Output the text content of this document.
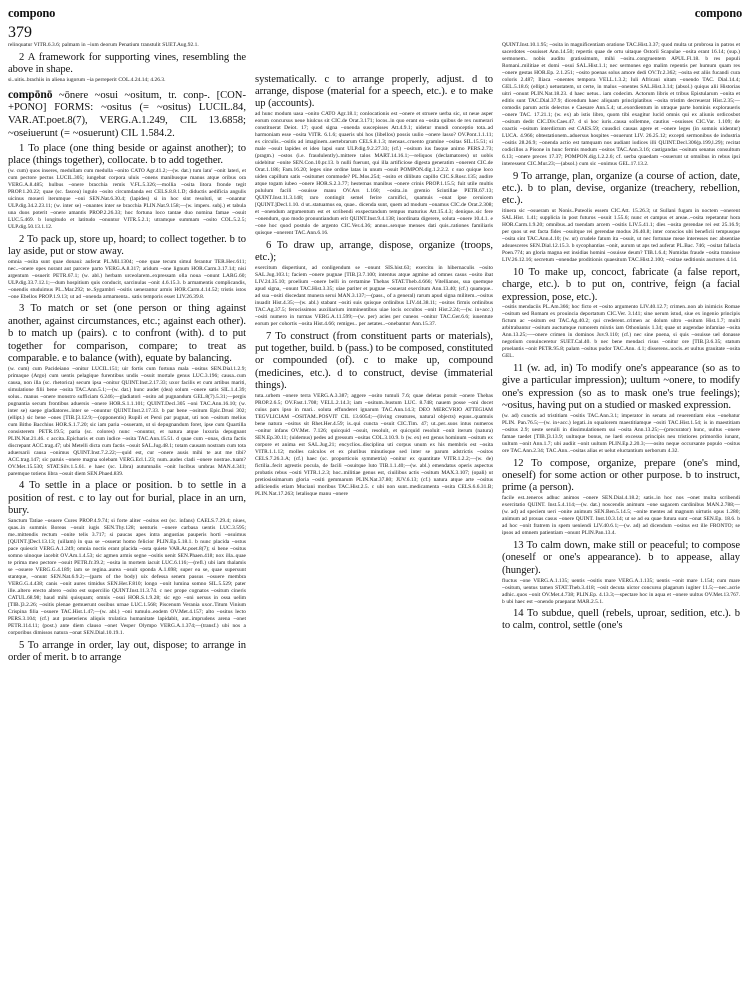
compono	compono
379
relinquatur VITR.6.3.6; palmam in ~ium deorum Penatium transtulit SUET.Aug.92.1.
2 A framework for supporting vines, resembling the above in shape.
si..uitis..brachiis in aliena iugorum ~ia perreperit COL.4.24.14; 4.26.3.
compōnō ~ōnere ~osui ~ositum, tr. conp-. [CON-+PONO] FORMS: ~ositus (= ~ositus) LUCIL.84, VAR.AT.poet.8(7), VERG.A.1.249, CIL 13.6858; ~oseiuerunt (= ~osuerunt) CIL 1.584.2.
1 To place (one thing beside or against another); to place (things together), collocate. b to add together.
(w. cum) quos inseres, medullam cum medulla ~onito CATO Agr.41.2;—(w. dat.) tum latu' ~onit lateri, et cum pectore pectus LUCIL.305; iungebat corpora uluis ~onens manibusque manus atque oribus ora VERG.A.8.485; hulbus ~onere bracchia remis V.FL.5.326;—mollia ~osita litora fronde tegit PROP.1.20.22; quae (sc. fascea) iugulo ~osito circumdanda est CELS.8.8.1.D; diductis aedificia angulis uicinus moueri iterumque ~oni SEN.Nat.6.30.4; (lapides) si in hoc sint resoluti, ut ~onantur ULP.dig.34.2.23.11; (w. inter se) ~onantes inter se bracchia PLIN.Nat.9.158;—(w. impers. subj.) et tabula una duos poterit ~onere amantis PROP.2.26.33; hoc fortuna loco tantae duo nomina famae ~osuit LUC.5.469. b longitudo et latitudo ~onuntur VITR.5.2.1; utramque summam ~osito COL.5.2.5; ULP.dig.50.13.1.12.
2 To pack up, store up, hoard; to collect together. b to lay aside, put or stow away.
omnia ~osita sunt quae donaui: auferat PL.Mil.1304; ~one quae tecum simul ferantur TER.Hec.611; nec..~onere opes norant aut parcere parto VERG.A.8.317; aridum ~one lignum HOR.Carm.3.17.14; nisi argentum ~osuerit PETR.67.1; (w. abl.) herbam urceolarem..expressam olla noua ~onunt LARG.60; ULP.dig.33.7.12.1;—dum hospitium quis conducit, sarcinulas ~onit 4.6.15.3. b armamentis complicandis, ~onendis studuimus PL..Mar.292; te..Sygambri ~ositis uenerantur armis HOR.Carm.4.14.52; tristis istos ~one Ebellos PROP.1.9.13; ut ad ~onenda armamenta.. satis temporis esset LIV.26.39.8.
3 To match or set (one person or thing against another, against circumstances, etc.; against each other). b to match up (pairs). c to confront (with). d to put together for comparison, compare; to treat as comparable. e to balance (with), equate by balancing.
(w. cum) cum Pacideiano ~onitur LUCIL.151; uir fortis cum fortuna mala ~ositus SEN.Dial.1.2.9; primaque (Argo) cum uentis pelagique furentibus undis ~osuit mortale genus LUC.3.196; causa..cum causa, non illa (sc. rhetorica) secum ipsa ~onitur QUINT.Inst.2.17.33; uxor facilis et cum artibus mariti, simulatione filii bene ~osita TAC.Ann.5.1;—(w. dat.) hunc audet (dea) solum ~onere satis SIL.1.4.39; solus.. manus ~onere monstro sufficiam 6.246;—gladiatori ~osito ad pugnandum GEL.8(7).5.31;—pergis pugnantia secum frontibus aduersis ~onere HOR.S.1.1.101; QUINT.Decl.305 ~oni TAC.Ann.16.10; (w. inter se) saepe gladiatores..inter se ~onuntur QUINT.Inst.2.17.33. b par bene ~ositum Epic.Drusi 302; (ellipt.) sic bene ~ones [TIB.]3.12.9;—(opponentis) Rupili et Persi par pugnat, uti non ~ositum melius cum Bitho Bacchius HOR.S.1.7.20; sic iam paria ~osueram, ut si depugnandum foret, ipse cum Quartilla consisterem PETR.19.5; paria (sc. colores) nunc ~onuntur, et natura atque luxuria depugnant PLIN.Nat.21.46. c accita..Epicharis et cum indice ~osita TAC.Ann.15.51. d quae cum ~onas, dicta factis discrepant ACC.trag.47; ubi Metelli dicta cum factis ~osuit SAL.Jug.48.1; totam causam nostram cum tota aduersarii causa ~onimus QUINT.Inst.7.2.22;—quid est, cur ~onere ausis mihi te aut me tibi? ACC.trag.147; sic paruis ~onere magna solebam VERG.Ecl.1.23; num..audes cladi ~onere nostrae..tuam? OV.Met.15.530; STAT.Silv.1.5.61. e haec (sc. Libra) autumnalis ~onit lucibus umbras MAN.4.341; paremque totiens libra ~osuit diem SEN.Phaed.839.
4 To settle in a place or position. b to settle in a position of rest. c to lay out for burial, place in an urn, bury.
Sanctum Tatiae ~osuere Cures PROP.4.9.74; si forte aliter ~ositus est (sc. infans) CAELS.7.29.4; niues, quas..in summis Boreas ~osuit iugis SEN.Thy.128; uenturis ~onere carbasa uentis LUC.3.595; me..mittendis rectum ~onite telis 3.717; si paucas apes intra angustias pauperis horti ~osuimus [QUINT.]Decl.13.13; (uillam) in qua se ~osuerat homo felicior PLIN.Ep.5.18.1. b nunc placida ~ostus pace quiescit VERG.A.1.249; omnia noctis erant placida ~osta quiete VAR.At.poet.8(7); si bene ~ositus somno uinoque iacebit OV.Am.1.4.53; sic agmen armis segne ~ositis uenit SEN.Phaen.418; nox illa..quae te prima meo pectore ~osuit PETR.fr.39.2; ~osita in mortem iacuit LUC.6.116;—(refl.) ubi iam thalamis se ~osuere VERG.G.4.189; iam se regina..aurea ~osuit sponda A.1.698; super ea se, quae supersunt stantque, ~onunt SEN.Nat.6.9.2;—(parts of the body) uix defessa senem passus ~osuere membra VERG.G.4.438; canis ~onit aures timidus SEN.Her.F.810; longo ~onit lumina somno SIL.5.529; pater ille..altero erecto altero ~osito est supercilio QUINT.Inst.11.3.74. c nec prope cognatos ~ositum cineris CATUL.68.98; haud mihi quisquam; omnis ~osui HOR.S.1.9.28; sic ego ~oni uersus in ossa uelim [TIB.]3.2.26; ~ositis plenae gemuerunt ossibus urnae LUC.1.568; Piscenum Verania uxor..Titum Vinium Crispina filia ~osuere TAC.Hist.1.47;—(w. abl.) ~oni tumulo..eodem OV.Met.4.157; alto ~ositus lecto PERS.3.104; (cf.) aut praeteriens aliquis trulatica humanitate lapidabit, aut..imprudens arena ~onet PETR.114.11; (post.) ante diem clauso ~onet Vesper Olympo VERG.A.1.374;—(transf.) ubi nos a corporibus dimissos natura ~onat SEN.Dial.10.19.1.
5 To arrange in order, lay out, dispose; to arrange in order of merit. b to arrange
systematically. c to arrange properly, adjust. d to arrange, dispose (material for a speech, etc.). e to make up (accounts).
ad hunc modum uasa ~onito CATO Agr.18.1; conlocationis est ~onere et struere uerba sic, ut neue asper eorum concursus neue hiulcus sit CIC.de Orat.3.171; locos..in quo erant ea ~osita quibus de rex numerari constituerat Deiot. 17; quod signa ~onenda suscepisses Att.4.9.1; uidetur mundi conceptio tota..ad harmoniam esse ~osita VITR. 6.1.6; quaeris ubi hos (libellos) possis uulio ~onere lasso? OV.Pont.1.1.11; ex circulis..~ositis ad imaginem..uertebrarum CELS.8.1.3; mensas..cruento gramine ~ositas SIL.15.51; si male ~osuit lapides et ideo lapsi sunt ULP.dig.9.2.27.33; (cf.) ~ositum ius fasque animo PERS.2.73; (pragm.) ~ostos (i.e. fraudulently)..mittere talos MART.14.16.1;—reliquos (declamatores) ut uobis uidebitur ~onite SEN.Con.10.pr.13. b nulli fuerunt, qui illa artificiose digesta generatim ~onerent CIC.de Orat.1.186; Fam.16.20; leges sine ordine latas in unum ~osuit POMPON.dig.1.2.2.2. c suo quique loco uiden capillum satis ~ositumet commode? PL.Mos.254; ~osito et dilibuto capillo CIC.S.Rosc.135; audire atque togam iubeo ~onere HOR.S.2.3.77; hesternas manibus ~onere crinis PROP.1.15.5; fuit utile multis pululum facili ~osuisse manu OV.Ars 1.160; ~osita..in gremio Scintillae PETR.67.13; QUINT.Inst.11.3.148; raro contingit semel ferire carnifici, quamuis ~onat ipse ceruicem [QUINT.]Decl.1.10. d ut..statuamus ea, quae.. dicenda sunt, quem ad modum ~onamus CIC.de Orat.2.308; et ~onendum argumentum est et scribendi exspectandum tempus maturius Att.15.4.3; denique..sic fere ~onendum, quo modo pronuntiandum erit QUINT.Inst.9.4.138; inordinata digerere, soluta ~onere 10.4.1. e ~one hoc quod postulo de argento CIC.Ver.4.36; annus..sexque menses dati quis..rationes familiaris quisque ~onerent TAC.Ann.6.16.
6 To draw up, arrange, dispose, organize (troops, etc.);
exercitum dispertiunt, ad conligendum se ~onunt SIS.hist.63; exercitu in hibernaculis ~osito SAL.Jug.103.1; faciem ~onere pugnae [TIB.]3.7.100; intentus atque agmine ad omnes casus ~osito ibat LIV.24.35.10; proelium ~onere belli in certamine Thebas STAT.Theb.4.666; Vitellianos, sua quemque apud signa, ~onunt TAC.Hist.3.35; uiae pariter et pugnae ~osuerat exercitum Ann.13.40; (cf.) quamque.. ad sua ~ositi discedant munera serui MAN.3.137;—(pass., of a general) rarum apud signa militem..~ositus inuadit Hist.4.35;—(w. abl.) stabant ~ositi suis quisque ordinibus LIV.44.38.11; ~ositos firmis ordinibus TAC.Ag.37.5; ferocissimos auxiliarium imminentibus uiae locis occultos ~onit Hist.2.24;—(w. in+acc.) ~ositi numero in turmas VERG.A.11.599;—(w. per) acies per cuneos ~onitur TAC.Ger.6.6; iuuentute eorum per cohortis ~osita Hist.4.66; remiges.. per aetates..~onebantur Ann.15.37.
7 To construct (from constituent parts or materials), put together, build. b (pass.) to be composed, constituted or compounded (of). c to make up, compound (medicines, etc.). d to construct, devise (immaterial things).
tuta..urbem ~onere terra VERG.A.3.387; aggere ~osito tumuli 7.6; quae deletas potuit ~onere Thebas PROP.2.6.5; OV.Fast.1.708; VELL.2.14.3; iam ~ositum..bustum LUC. 8.748; nauem posse ~oni docet cuius pars ipso in mari.. soluta effunderet ignarum TAC.Ann.14.3; DEO MERCVRIO ATTEGIAM TEGVLICIAM ~OSITAM..POSVIT CIL 13.6054;—(living creatures, natural objects) equus..quamuis bene natura ~ositus sit Rhet.Her.4.59; is..qui cuncta ~osuit CIC.Tim. 47; ut..per..suos intus numeros ~onitur infans OV.Met. 7.126; quicquid ~osuit, resoluit, et quicquid resoluit ~onit iterum (natura) SEN.Ep.30.11; (uidemus) pedes ad gressum ~ositas COL.3.10.9. b (w. ex) est genus hominum ~ositum ex corpore et anima est SAL.Jug.21; encyclios..disciplina uti corpus unum ex his membris est ~osita VITR.1.1.12; molles calculos et ex pluribus minutisque sed inter se parum adstrictis ~ositos CELS.7.26.3.A; (cf.) haec (sc. proporticois symmetria) ~onitur ex quantitate VITR.1.2.2;—(w. de) fictilia..fecit agrestis pocula, de facili ~osuitque luto TIB.1.1.40;—(w. abl.) emendatus operis aspectus probatis rebus ~ositi VITR.1.2.3; hoc..militiae genus est, ciuilibus actis ~ositum MAX.3.107; (opali) ut pretiosissimarum gloria ~ositi gemmarum PLIN.Nat.37.80; JUV.6.13; (cf.) natura atque arte ~ositus adliciendis etiam Muciani moribus TAC.Hist.2.5. c ubi non sunt..medicamenta ~osita CELS.6.6.31.B; PLIN.Nat.17.263; letalisque manu ~onere
QUINT.Inst.10.1.95; ~osita in magnificentiam oratione TAC.Hist.3.37; quod multa ut probrosa in patros et sacerdotes ~osuisset Ann.14.50; repertis quae de ortu uitaque Ostorii Scapulae ~osita erant 16.14; (sup.) sermonem.. nobis auditu gratissimum, mihi ~ositu..congruentem APUL.Fl.18. b res populi Romani..militiae et domi ~osui SAL.Hist.1.1; nec sermones ego malim repentis per humum quam res ~onere gestas HOR.Ep. 2.1.251; ~osito poenas solus amore dedi OV.Tr.2.362; ~osita est aliis fucandi cura coloris 2.487; Iliaca ~onentes tempora VELL.1.3.2; Iuli Africani uitam ~onendo TAC. Dial.14.4; GEL.5.18.6; (ellipt.) uetustatem, ut certe, in malus ~onentes SAL.Hist.3.14; (absol.) quiqus alii Historias uitri ~onunt PLIN.Nat.18.23. d haec uetus.. iam codecim. Actorum libris et tribus Epistularum ~onita et editis sunt TAC.Dial.37.9; dicendum haec aliquam principiatibus ~osita tristim decreuerat Hist.2.35;—comodis parum actis delectos e Caesare Ann.5.4; ut..exordientum in utraque parte hominis exploraueris ~onere TAC. 17.21.1; (w. ex) ab istis libro, quom tibi exagitur lucid omnis qui ex aliunis ordicosbot ~ositum dedit CIC.Div.Caes.47. d si hoc iuris..causa sollemne, cautius ~osuisses CIC.Var. 1.109; de coactis ~ositum interdictum est CAES.59; cuusdici causas agere et ~onere leges (in somnis uidentur) LUCA. 4.966; obtestationem..aduersus hospites ~osuerunt LIV. 26.25.12; excepti sermonibus de industria ~ositis 28.26.9; ~onenda actio est tamquam nos audiant iudices illi QUINT.Decl.306(p.199,l.29); recitat codicillos a Pisone in hunc fermis modum ~ositos TAC.Ann.3.16; castigandas ~ositum senatus consultum 6.13; ~onere preces 17.37; POMPON.dig.1.2.2.6; cf. uerba quaedam ~osuerunt ut omnibus in rebus ipsi interessent CIC.Mur.23;—(absol.) cum sic ~onimus GEL.17.13.2.
9 To arrange, plan, organize (a course of action, date, etc.). b to plan, devise, organize (treachery, rebellion, etc.).
itinera sic ~osueram ut Nonis..Puteolis essem CIC.Att. 15.26.3; ut Sullani fugam in noctem ~onerent SAL.Hist. 1.41; supplicia in post futuros ~osuit 1.55.6; nunc et campus et areae..~osita repetantur hora HOR.Carm.1.9.20; omnibus..ad tuendam arcem ~ositis LIV.5.41.1; dies ~osita gerendae rei est 25.16.9; per quos ut est facta fides ~osuitque rei gerendae modus 26.40.8; inter conscios ubi beneficii tempusque ~osita sint TAC.Ann.4.10; (w. ut) crudele fatum ita ~osuit, ut nec fortunae meae interesses nec absentiae adsuesceres SEN.Dial.12.15.3. b sycophantias ~onit, aurum ut aps ted auferat PL.Bac. 746; ~ositat fallacia Poen.774; an gloria magna est insidias homini ~osuisse deum? TIB.1.6.4; Numidas fraude ~osita transisse LIV.26.12.16; secretum ~onendae proditionis quaesitum TAC.Hist.2.100; ~ositae seditionis auctores 4.14.
10 To make up, concoct, fabricate (a false report, charge, etc.). b to put on, contrive, feign (a facial expression, pose, etc.).
~ositis mendaciis PL.Am.366; hoc ficto et ~osito argumento LIV.40.12.7; crimen..non ab inimicis Romae ~ositum sed Romam ex prouincia deportatum CIC.Ver. 3.141; sine uerum istud, siue ex ingenio principis fictum ac ~ositum est TAC.Ag.40.2; qui crederent..crimen ac dolum ultro ~ositum Hist.1.7; multi arbitrabantur ~ositum auctumque rumorem mixtis iam Othonianis 1.34; quae ut augendae infamiae ~osita Ann.13.25;—~onere crimen in dominos Juv.9.110; (cf.) nec sine poena, si quis ~osuisse uel donasse negotium conuinceretur SUET.Cal.40. b nec bene mendaci risus ~onitur ore [TIB.]3.6.35; statum proelantis ~onit PETR.95.8; palam ~ositus pudor TAC.Ann. 4.1; disserens..uocis..et uultus grauitate ~osita GEL.
11 (w. ad, in) To modify one's appearance (so as to give a particular impression); uultum ~onere, to modify one's expression (so as to mask one's true feelings); ~ositus, having put on a studied or masked expression.
(w. ad) cunctis ad tristitiam ~ositis TAC.Ann.3.1; imperator in senatu ad reuerentiam eius ~onebatur PLIN. Pan.76.5;—(w. in+acc.) legati..in squalorem maestitiamque ~ositi TAC.Hist.1.54; is in maestitiam ~ositus 2.9; ueste seruili in dissimulationem sui ~osita Ann.13.25;—(procurator) hunc, uultus ~onere famae taedet [TIB.]3.13.9; uultuque bonus, ne laeti excessu principis neu tristiores primordio iunant, uultum ~onit Ann.1.7; ubi audiit ~onit uultum PLIN.Ep.2.20.3;—~osito neque occursante populo ~ositus ore TAC.Ann.2.34; TAC.Ann..~ositas alias et uelut eluctantium uerborum 4.32.
12 To compose, organize, prepare (one's mind, oneself) for some action or other purpose. b to instruct, prime (a person).
facile est..teneros adhuc animos ~onere SEN.Dial.4.18.2; satis..in hoc nos ~onet multa scribendi exercitatio QUINT. Inst.5.4.114;—(w. dat.) noscendis animum ~one sagacem cardinibus MAN.2.788;—(w. ad) ad speciem ueri ~onite animum SEN.Ben.5.14.5; ~onite mentes ad magnum uirtutis opus 1.280; animum ad prouas casus ~onere QUINT. Inst.10.3.14; ut se ad ea quae futura sunt ~onat SEN.Ep. 18.6. b ad hoc ~onit fratrem in spem ueniendi LIV.40.6.1;—(w. ad) ad dicendum ~ositus est ille FRONTO; se ipsos ad omnem patientiam ~onunt PLIN.Pan.13.4.
13 To calm down, make still or peaceful; to compose (oneself or one's appearance). b to appease, allay (hunger).
fluctus ~one VERG.A.1.135; uentis ~ositis mare VERG.A.1.135; uentis ~onit mare 1.154; cum mare ~ositum, uentus tamen STAT.Theb.3.418; ~osit decuta uictor concursu plagarum iugiter 11.5;—nec..acrie adhic..quos ~onit OV.Met.4.738; PLIN.Ep. 4.13.3;—spectare hoc in aqua et ~onere uultus OV.Met.13.767. b ubi haec est ~onendo praeparat MAR.2.5.1.
14 To subdue, quell (rebels, uproar, sedition, etc.). b to calm, control, settle (one's
